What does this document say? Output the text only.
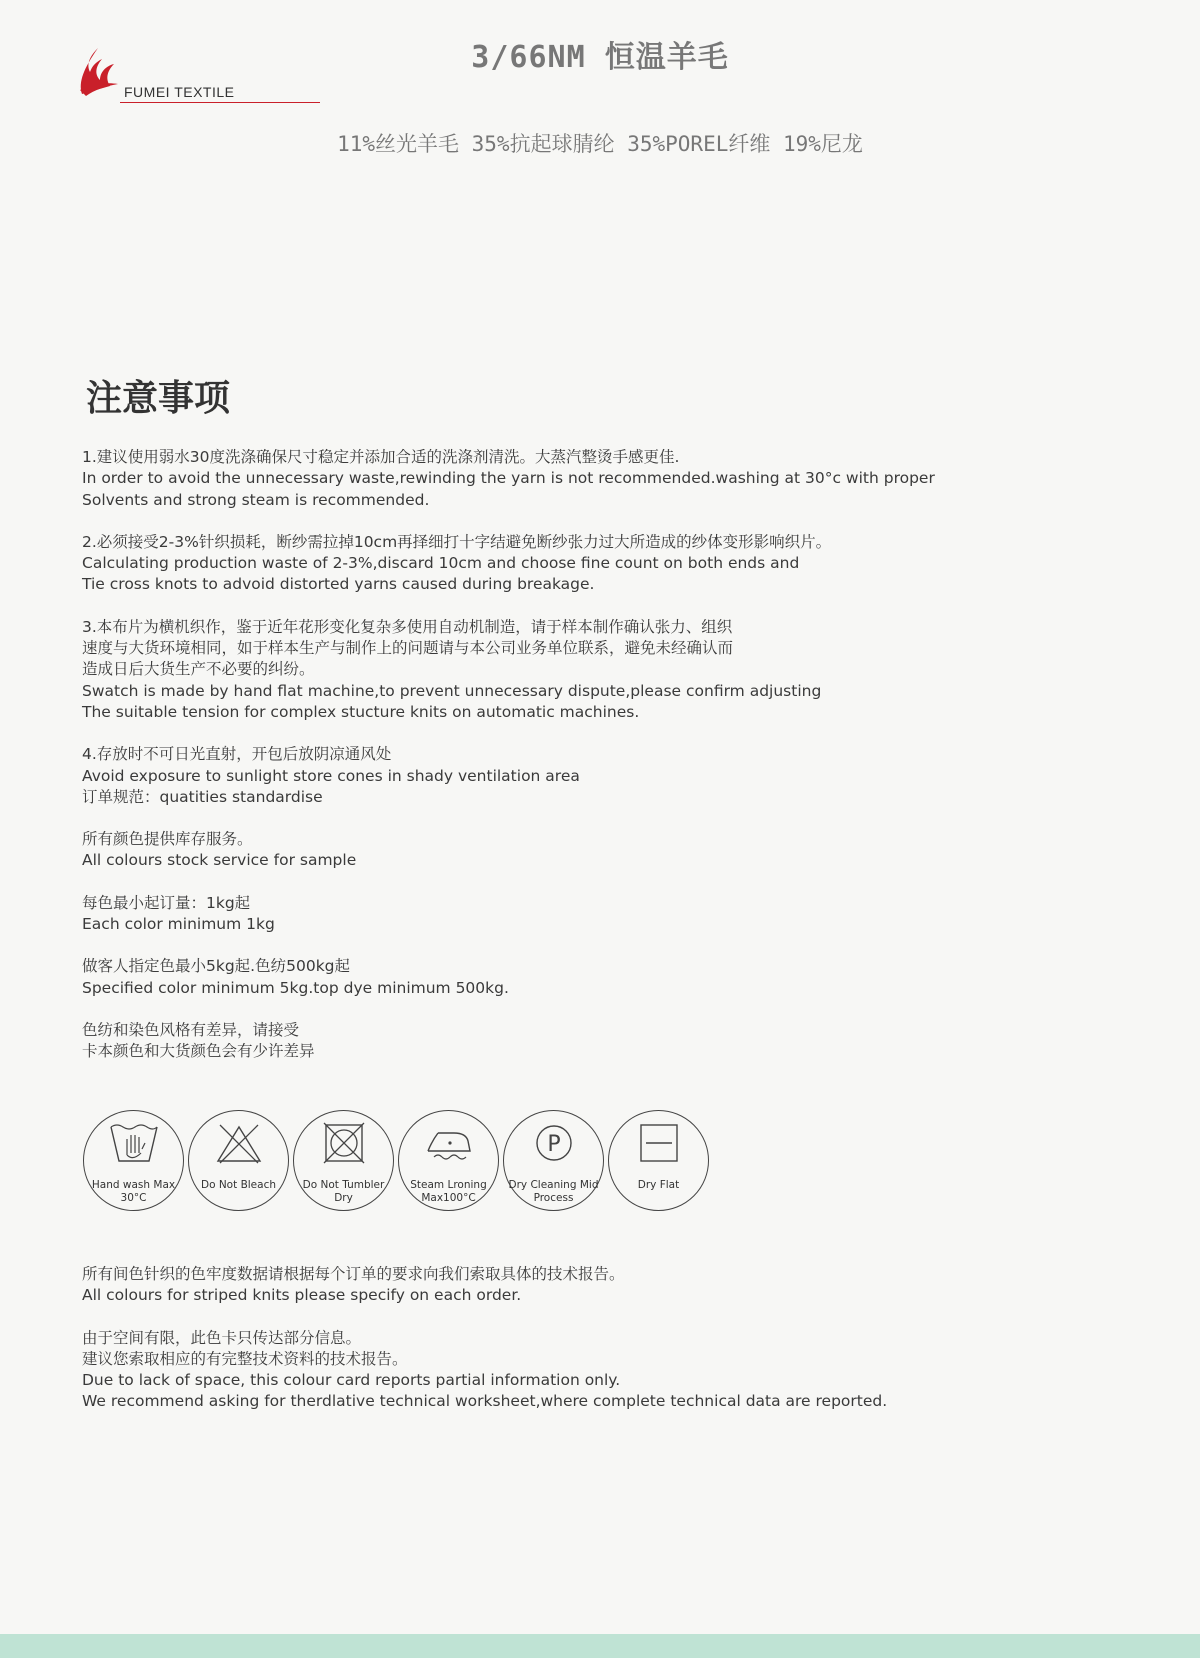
FUMEI TEXTILE
3/66NM 恒温羊毛
11%丝光羊毛 35%抗起球腈纶 35%POREL纤维 19%尼龙
注意事项
1.建议使用弱水30度洗涤确保尺寸稳定并添加合适的洗涤剂清洗。大蒸汽整烫手感更佳.
In order to avoid the unnecessary waste,rewinding the yarn is not recommended.washing at 30°c with proper
Solvents and strong steam is recommended.
2.必须接受2-3%针织损耗，断纱需拉掉10cm再择细打十字结避免断纱张力过大所造成的纱体变形影响织片。
Calculating production waste of 2-3%,discard 10cm and choose fine count on both ends and
Tie cross knots to advoid distorted yarns caused during breakage.
3.本布片为横机织作，鉴于近年花形变化复杂多使用自动机制造，请于样本制作确认张力、组织
速度与大货环境相同，如于样本生产与制作上的问题请与本公司业务单位联系，避免未经确认而
造成日后大货生产不必要的纠纷。
Swatch is made by hand flat machine,to prevent unnecessary dispute,please confirm adjusting
The suitable tension for complex stucture knits on automatic machines.
4.存放时不可日光直射，开包后放阴凉通风处
Avoid exposure to sunlight store cones in shady ventilation area
订单规范：quatities standardise
所有颜色提供库存服务。
All colours stock service for sample
每色最小起订量：1kg起
Each color minimum 1kg
做客人指定色最小5kg起.色纺500kg起
Specified color minimum 5kg.top dye minimum 500kg.
色纺和染色风格有差异，请接受
卡本颜色和大货颜色会有少许差异
Hand wash Max 30°C
Do Not Bleach	Do Not Tumbler Dry
Steam Lroning Max100°C
P
Dry Cleaning Mid Process
Dry Flat
所有间色针织的色牢度数据请根据每个订单的要求向我们索取具体的技术报告。
All colours for striped knits please specify on each order.
由于空间有限，此色卡只传达部分信息。
建议您索取相应的有完整技术资料的技术报告。
Due to lack of space, this colour card reports partial information only.
We recommend asking for therdlative technical worksheet,where complete technical data are reported.
